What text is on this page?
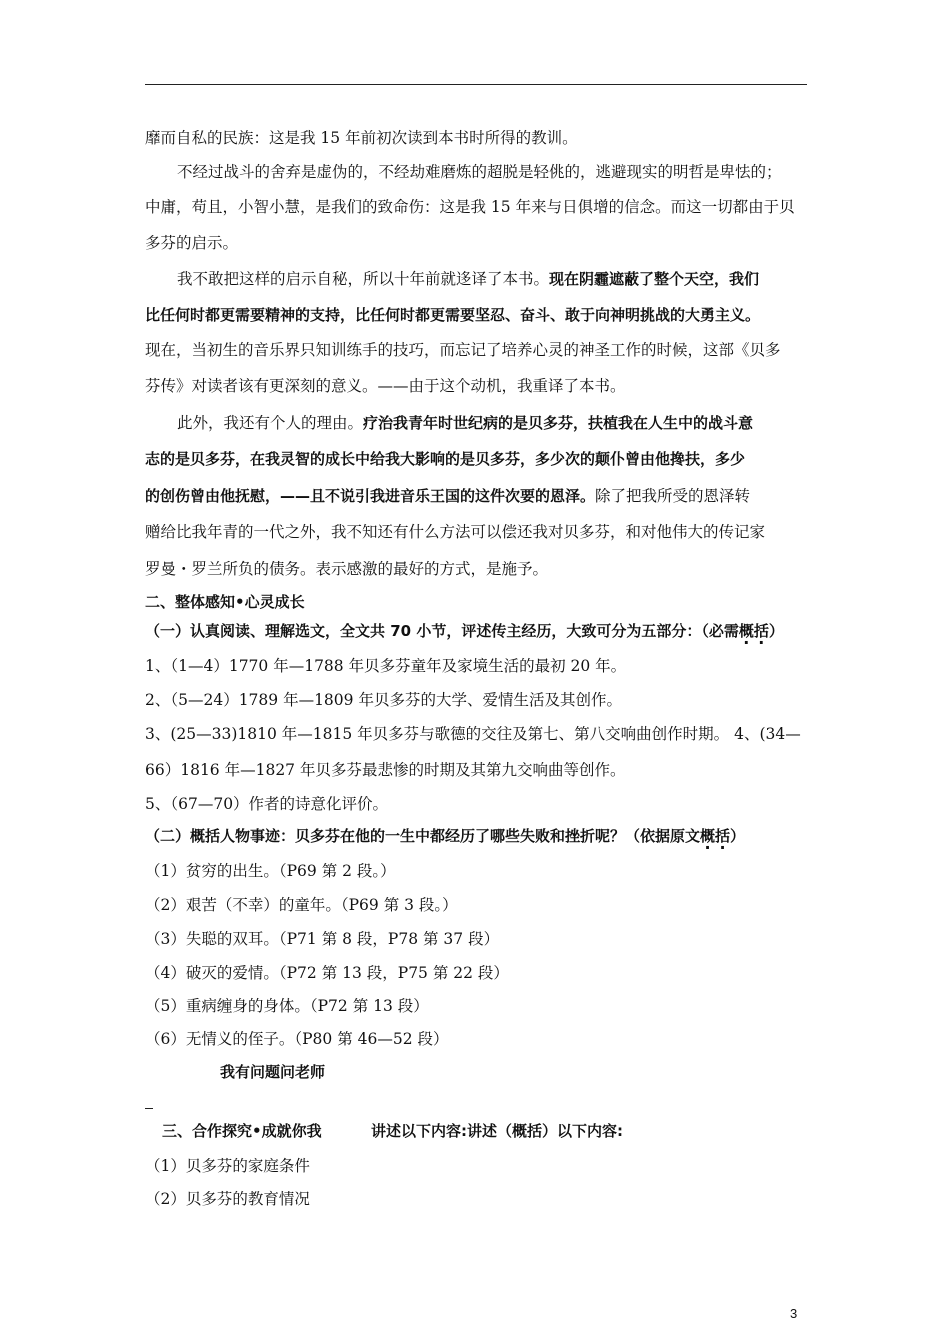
靡而自私的民族：这是我 15 年前初次读到本书时所得的教训。
不经过战斗的舍弃是虚伪的，不经劫难磨炼的超脱是轻佻的，逃避现实的明哲是卑怯的；
中庸，苟且，小智小慧，是我们的致命伤：这是我 15 年来与日俱增的信念。而这一切都由于贝
多芬的启示。
我不敢把这样的启示自秘，所以十年前就迻译了本书。现在阴霾遮蔽了整个天空，我们
比任何时都更需要精神的支持，比任何时都更需要坚忍、奋斗、敢于向神明挑战的大勇主义。
现在，当初生的音乐界只知训练手的技巧，而忘记了培养心灵的神圣工作的时候，这部《贝多
芬传》对读者该有更深刻的意义。——由于这个动机，我重译了本书。
此外，我还有个人的理由。疗治我青年时世纪病的是贝多芬，扶植我在人生中的战斗意
志的是贝多芬，在我灵智的成长中给我大影响的是贝多芬，多少次的颠仆曾由他搀扶，多少
的创伤曾由他抚慰，——且不说引我进音乐王国的这件次要的恩泽。除了把我所受的恩泽转
赠给比我年青的一代之外，我不知还有什么方法可以偿还我对贝多芬，和对他伟大的传记家
罗曼・罗兰所负的债务。表示感激的最好的方式，是施予。
二、整体感知•心灵成长
（一）认真阅读、理解选文，全文共 70 小节，评述传主经历，大致可分为五部分：（必需概括）
1、（1—4）1770 年—1788 年贝多芬童年及家境生活的最初 20 年。
2、（5—24）1789 年—1809 年贝多芬的大学、爱情生活及其创作。
3、(25—33)1810 年—1815 年贝多芬与歌德的交往及第七、第八交响曲创作时期。 4、(34—
66）1816 年—1827 年贝多芬最悲惨的时期及其第九交响曲等创作。
5、（67—70）作者的诗意化评价。
（二）概括人物事迹：贝多芬在他的一生中都经历了哪些失败和挫折呢？（依据原文概括）
（1）贫穷的出生。（P69 第 2 段。）
（2）艰苦（不幸）的童年。（P69 第 3 段。）
（3）失聪的双耳。（P71 第 8 段，P78 第 37 段）
（4）破灭的爱情。（P72 第 13 段，P75 第 22 段）
（5）重病缠身的身体。（P72 第 13 段）
（6）无情义的侄子。（P80 第 46—52 段）
我有问题问老师
三、合作探究•成就你我	讲述以下内容:讲述（概括）以下内容:
（1）贝多芬的家庭条件
（2）贝多芬的教育情况
3
